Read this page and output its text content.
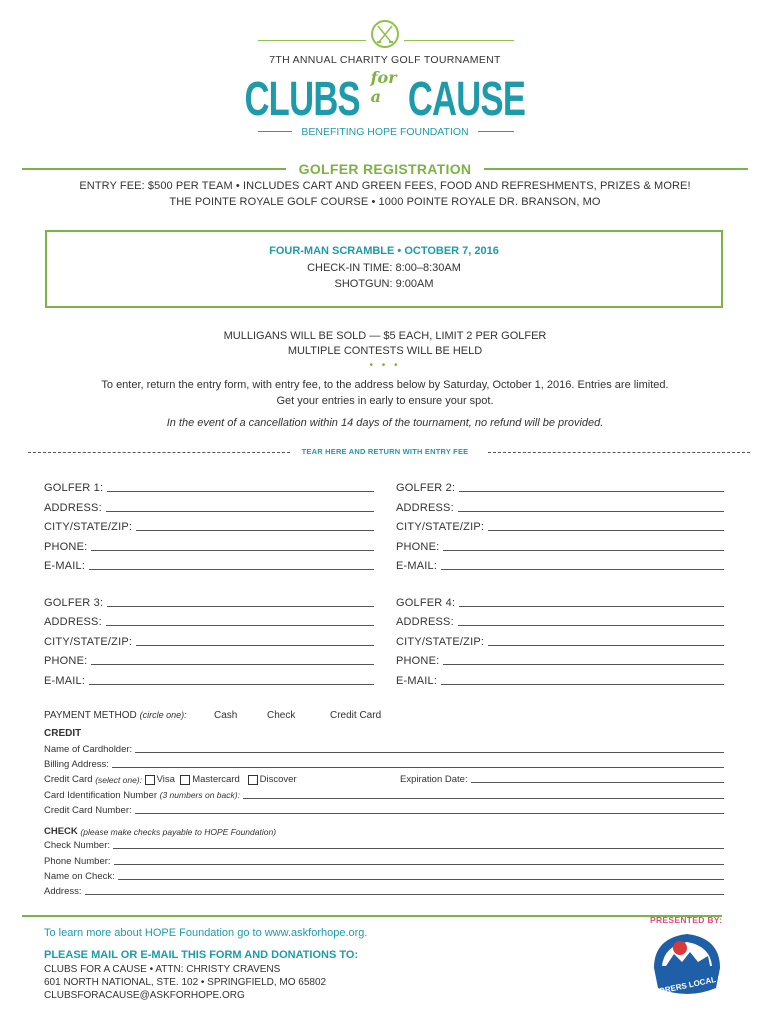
7TH ANNUAL CHARITY GOLF TOURNAMENT
CLUBS for a CAUSE
BENEFITING HOPE FOUNDATION
GOLFER REGISTRATION
ENTRY FEE: $500 PER TEAM • INCLUDES CART AND GREEN FEES, FOOD AND REFRESHMENTS, PRIZES & MORE!
THE POINTE ROYALE GOLF COURSE • 1000 POINTE ROYALE DR. BRANSON, MO
FOUR-MAN SCRAMBLE • OCTOBER 7, 2016
CHECK-IN TIME: 8:00–8:30AM
SHOTGUN: 9:00AM
MULLIGANS WILL BE SOLD — $5 EACH, LIMIT 2 PER GOLFER
MULTIPLE CONTESTS WILL BE HELD
• • •
To enter, return the entry form, with entry fee, to the address below by Saturday, October 1, 2016. Entries are limited.
Get your entries in early to ensure your spot.
In the event of a cancellation within 14 days of the tournament, no refund will be provided.
TEAR HERE AND RETURN WITH ENTRY FEE
GOLFER 1:
ADDRESS:
CITY/STATE/ZIP:
PHONE:
E-MAIL:
GOLFER 2:
ADDRESS:
CITY/STATE/ZIP:
PHONE:
E-MAIL:
GOLFER 3:
ADDRESS:
CITY/STATE/ZIP:
PHONE:
E-MAIL:
GOLFER 4:
ADDRESS:
CITY/STATE/ZIP:
PHONE:
E-MAIL:
PAYMENT METHOD (circle one):	Cash	Check	Credit Card
CREDIT
Name of Cardholder:
Billing Address:
Credit Card
(select one):
Visa
Mastercard
Discover	Expiration Date:
Card Identification Number (3 numbers on back):
Credit Card Number:
CHECK
(please make checks payable to HOPE Foundation)
Check Number:
Phone Number:
Name on Check:
Address:
PRESENTED BY:
To learn more about HOPE Foundation go to www.askforhope.org.
PLEASE MAIL OR E-MAIL THIS FORM AND DONATIONS TO:
CLUBS FOR A CAUSE • ATTN: CHRISTY CRAVENS
601 NORTH NATIONAL, STE. 102 • SPRINGFIELD, MO 65802
CLUBSFORACAUSE@ASKFORHOPE.ORG	LABORERS LOCAL 663
